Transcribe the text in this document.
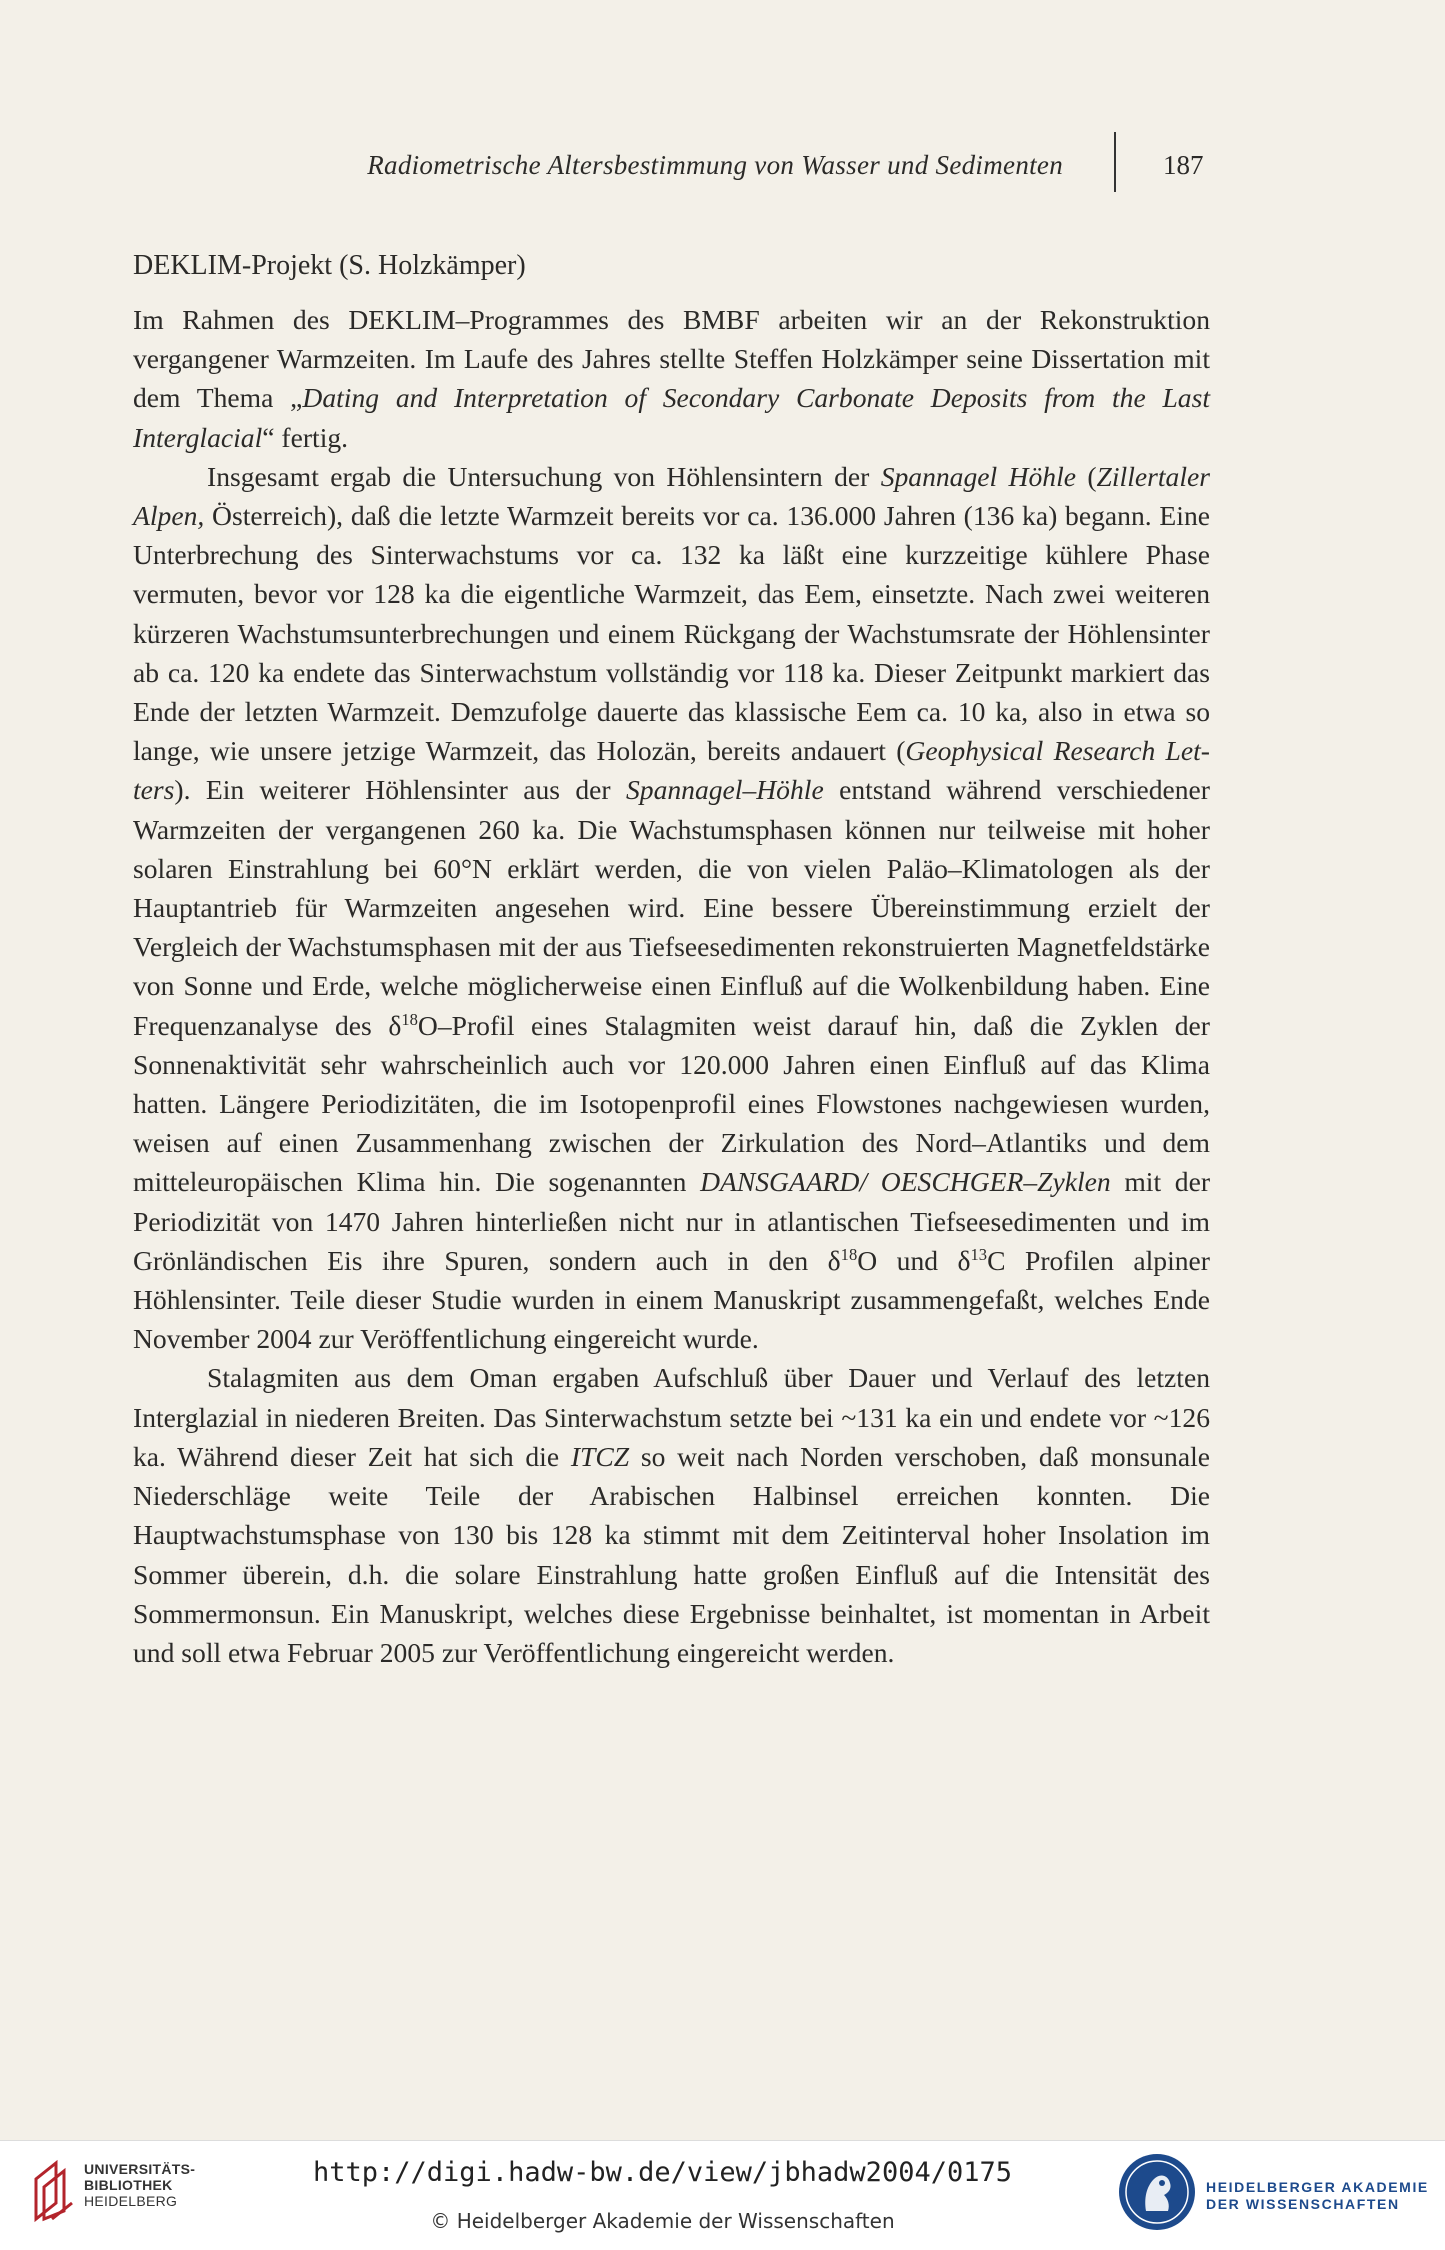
Radiometrische Altersbestimmung von Wasser und Sedimenten	187
DEKLIM-Projekt (S. Holzkämper)

Im Rahmen des DEKLIM–Programmes des BMBF arbeiten wir an der Rekonstruktion vergangener Warmzeiten. Im Laufe des Jahres stellte Steffen Holzkämper seine Dissertation mit dem Thema „Dating and Interpretation of Secondary Carbonate Deposits from the Last Interglacial“ fertig.

Insgesamt ergab die Untersuchung von Höhlensintern der Spannagel Höhle (Zillertaler Alpen, Österreich), daß die letzte Warmzeit bereits vor ca. 136.000 Jahren (136 ka) begann. Eine Unterbrechung des Sinterwachstums vor ca. 132 ka läßt eine kurzzeitige kühlere Phase vermuten, bevor vor 128 ka die eigentliche Warmzeit, das Eem, einsetzte. Nach zwei weiteren kürzeren Wachstumsunterbrechungen und einem Rückgang der Wachstumsrate der Höhlensinter ab ca. 120 ka endete das Sinterwachstum vollständig vor 118 ka. Dieser Zeitpunkt markiert das Ende der letzten Warmzeit. Demzufolge dauerte das klassische Eem ca. 10 ka, also in etwa so lange, wie unsere jetzige Warmzeit, das Holozän, bereits andauert (Geophysical Research Letters). Ein weiterer Höhlensinter aus der Spannagel–Höhle entstand während verschiedener Warmzeiten der vergangenen 260 ka. Die Wachstumsphasen können nur teilweise mit hoher solaren Einstrahlung bei 60°N erklärt werden, die von vielen Paläo–Klimatologen als der Hauptantrieb für Warmzeiten angesehen wird. Eine bessere Übereinstimmung erzielt der Vergleich der Wachstumsphasen mit der aus Tiefseesedimenten rekonstruierten Magnetfeldstärke von Sonne und Erde, welche möglicherweise einen Einfluß auf die Wolkenbildung haben. Eine Frequenzanalyse des $\delta^{18}O$–Profil eines Stalagmiten weist darauf hin, daß die Zyklen der Sonnenaktivität sehr wahrscheinlich auch vor 120.000 Jahren einen Einfluß auf das Klima hatten. Längere Periodizitäten, die im Isotopenprofil eines Flowstones nachgewiesen wurden, weisen auf einen Zusammenhang zwischen der Zirkulation des Nord–Atlantiks und dem mitteleuropäischen Klima hin. Die sogenannten DANSGAARD/ OESCHGER–Zyklen mit der Periodizität von 1470 Jahren hinterließen nicht nur in atlantischen Tiefseesedimenten und im Grönländischen Eis ihre Spuren, sondern auch in den $\delta^{18}O$ und $\delta^{13}C$ Profilen alpiner Höhlensinter. Teile dieser Studie wurden in einem Manuskript zusammengefaßt, welches Ende November 2004 zur Veröffentlichung eingereicht wurde.

Stalagmiten aus dem Oman ergaben Aufschluß über Dauer und Verlauf des letzten Interglazial in niederen Breiten. Das Sinterwachstum setzte bei ~131 ka ein und endete vor ~126 ka. Während dieser Zeit hat sich die ITCZ so weit nach Norden verschoben, daß monsunale Niederschläge weite Teile der Arabischen Halbinsel erreichen konnten. Die Hauptwachstumsphase von 130 bis 128 ka stimmt mit dem Zeitinterval hoher Insolation im Sommer überein, d.h. die solare Einstrahlung hatte großen Einfluß auf die Intensität des Sommermonsun. Ein Manuskript, welches diese Ergebnisse beinhaltet, ist momentan in Arbeit und soll etwa Februar 2005 zur Veröffentlichung eingereicht werden.

UNIVERSITÄTS-
BIBLIOTHEK
HEIDELBERG
http://digi.hadw-bw.de/view/jbhadw2004/0175
© Heidelberger Akademie der Wissenschaften
HEIDELBERGER AKADEMIE
DER WISSENSCHAFTEN
